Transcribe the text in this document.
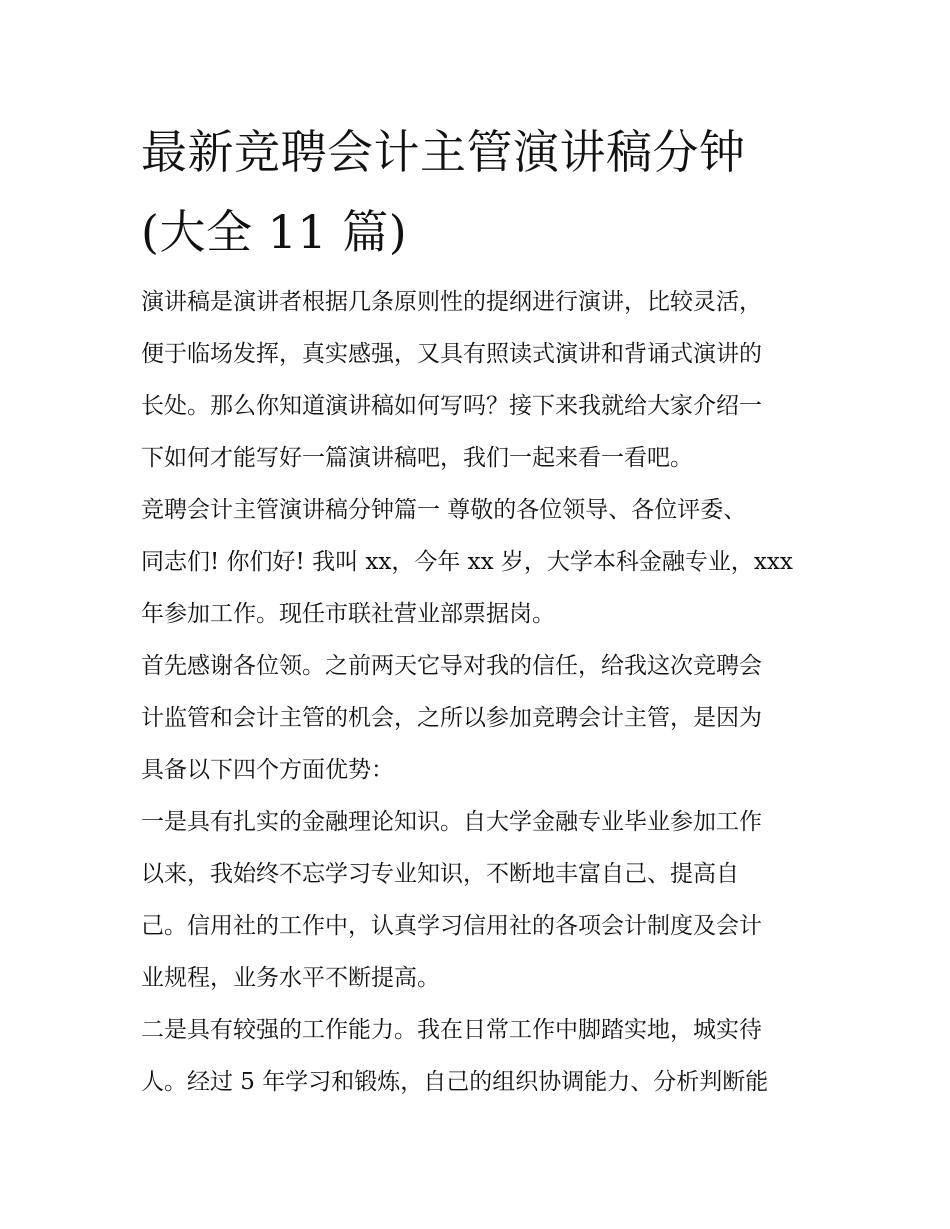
最新竞聘会计主管演讲稿分钟
(大全 11 篇)

演讲稿是演讲者根据几条原则性的提纲进行演讲，比较灵活，
便于临场发挥，真实感强，又具有照读式演讲和背诵式演讲的
长处。那么你知道演讲稿如何写吗？接下来我就给大家介绍一
下如何才能写好一篇演讲稿吧，我们一起来看一看吧。

竞聘会计主管演讲稿分钟篇一 尊敬的各位领导、各位评委、
同志们! 你们好! 我叫 xx，今年 xx 岁，大学本科金融专业，xxx
年参加工作。现任市联社营业部票据岗。

首先感谢各位领。之前两天它导对我的信任，给我这次竞聘会
计监管和会计主管的机会，之所以参加竞聘会计主管，是因为
具备以下四个方面优势：

一是具有扎实的金融理论知识。自大学金融专业毕业参加工作
以来，我始终不忘学习专业知识，不断地丰富自己、提高自
己。信用社的工作中，认真学习信用社的各项会计制度及会计
业规程，业务水平不断提高。

二是具有较强的工作能力。我在日常工作中脚踏实地，城实待
人。经过 5 年学习和锻炼，自己的组织协调能力、分析判断能
